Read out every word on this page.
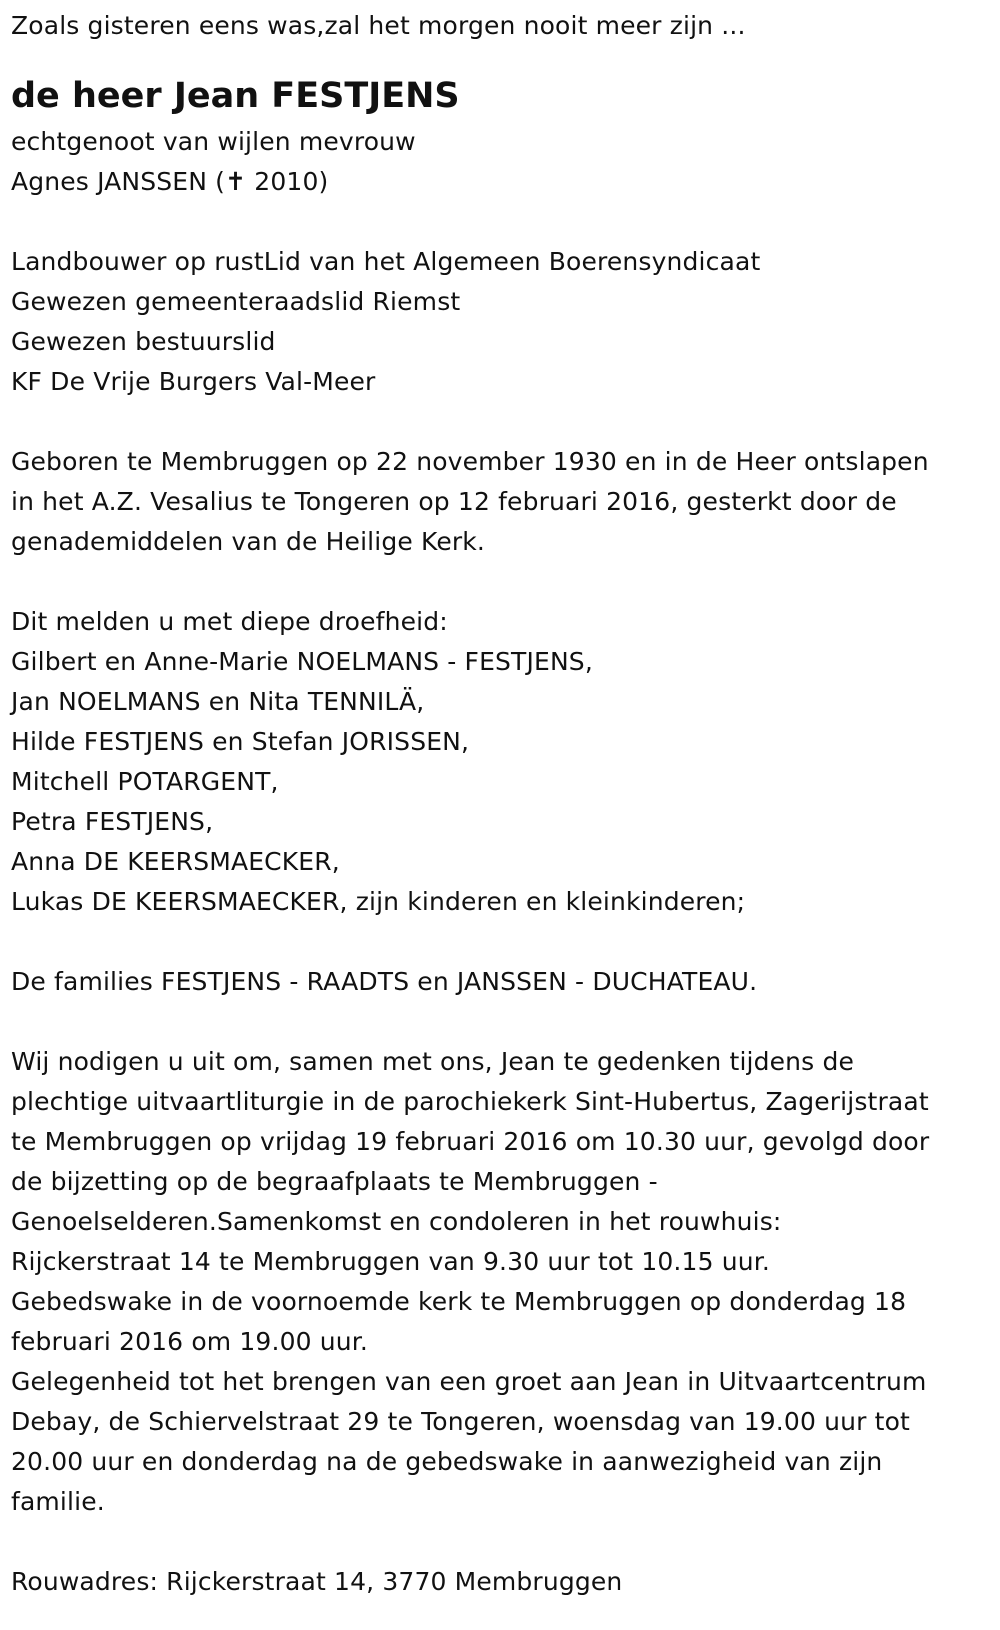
Zoals gisteren eens was,zal het morgen nooit meer zijn ...
de heer Jean FESTJENS
echtgenoot van wijlen mevrouw
Agnes JANSSEN (✝ 2010)
Landbouwer op rustLid van het Algemeen Boerensyndicaat
Gewezen gemeenteraadslid Riemst
Gewezen bestuurslid
KF De Vrije Burgers Val-Meer
Geboren te Membruggen op 22 november 1930 en in de Heer ontslapen
in het A.Z. Vesalius te Tongeren op 12 februari 2016, gesterkt door de
genademiddelen van de Heilige Kerk.
Dit melden u met diepe droefheid:
Gilbert en Anne-Marie NOELMANS - FESTJENS,
Jan NOELMANS en Nita TENNILÄ,
Hilde FESTJENS en Stefan JORISSEN,
Mitchell POTARGENT,
Petra FESTJENS,
Anna DE KEERSMAECKER,
Lukas DE KEERSMAECKER, zijn kinderen en kleinkinderen;
De families FESTJENS - RAADTS en JANSSEN - DUCHATEAU.
Wij nodigen u uit om, samen met ons, Jean te gedenken tijdens de
plechtige uitvaartliturgie in de parochiekerk Sint-Hubertus, Zagerijstraat
te Membruggen op vrijdag 19 februari 2016 om 10.30 uur, gevolgd door
de bijzetting op de begraafplaats te Membruggen -
Genoelselderen.Samenkomst en condoleren in het rouwhuis:
Rijckerstraat 14 te Membruggen van 9.30 uur tot 10.15 uur.
Gebedswake in de voornoemde kerk te Membruggen op donderdag 18
februari 2016 om 19.00 uur.
Gelegenheid tot het brengen van een groet aan Jean in Uitvaartcentrum
Debay, de Schiervelstraat 29 te Tongeren, woensdag van 19.00 uur tot
20.00 uur en donderdag na de gebedswake in aanwezigheid van zijn
familie.
Rouwadres: Rijckerstraat 14, 3770 Membruggen
